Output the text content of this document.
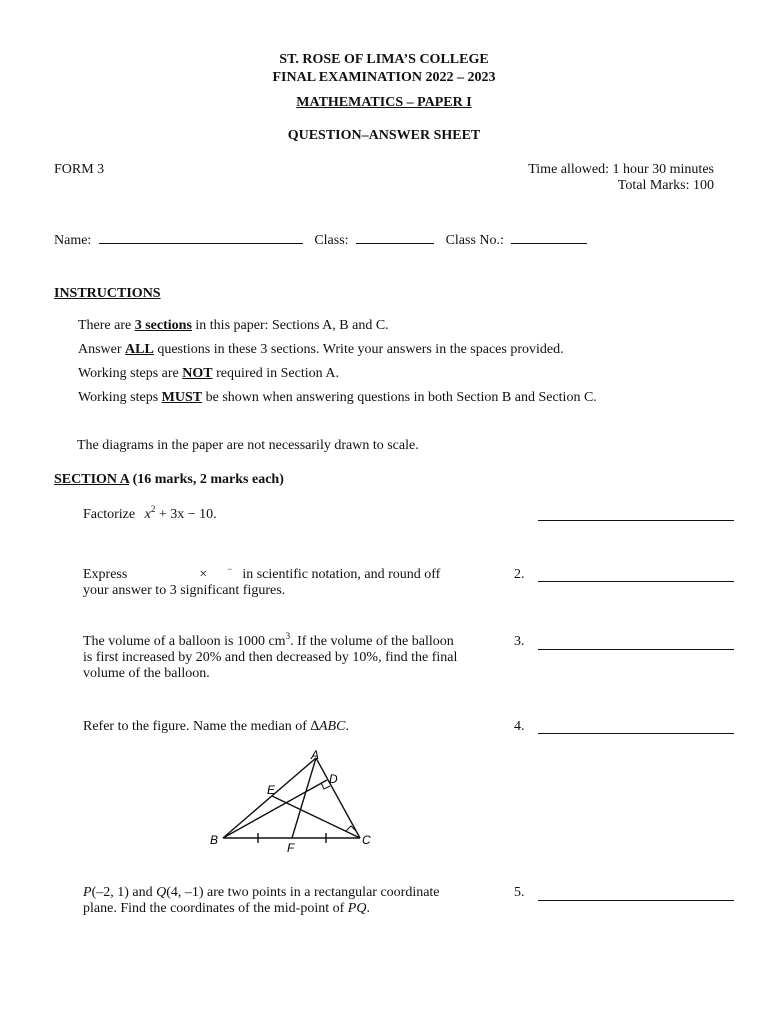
ST. ROSE OF LIMA’S COLLEGE
FINAL EXAMINATION 2022 – 2023
MATHEMATICS – PAPER I
QUESTION–ANSWER SHEET
FORM 3	Time allowed: 1 hour 30 minutes
Total Marks: 100
Name:	Class:	Class No.:
INSTRUCTIONS

There are 3 sections in this paper: Sections A, B and C.

Answer ALL questions in these 3 sections. Write your answers in the spaces provided.

Working steps are NOT required in Section A.

Working steps MUST be shown when answering questions in both Section B and Section C.

The diagrams in the paper are not necessarily drawn to scale.
SECTION A (16 marks, 2 marks each)
Factorize $x^2 + 3x - 10$.
Express	× − in scientific notation, and round off
your answer to 3 significant figures.
2.
The volume of a balloon is 1000 $cm^3$. If the volume of the balloon
is first increased by 20% and then decreased by 10%, find the final
volume of the balloon.
3.
Refer to the figure. Name the median of ∆ABC.	4.
A
D
E
B	C
F
P(–2, 1) and Q(4, –1) are two points in a rectangular coordinate
plane. Find the coordinates of the mid-point of PQ.
5.
